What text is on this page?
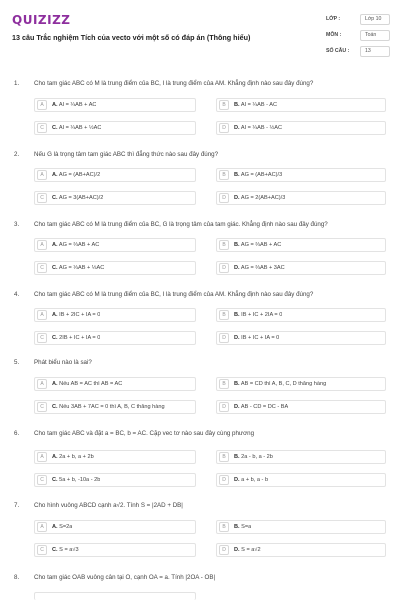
QUIZIZZ
13 câu Trắc nghiệm Tích của vecto với một số có đáp án (Thông hiểu)
LỚP :	Lớp 10
MÔN :	Toán
SỐ CÂU :	13
1. Cho tam giác ABC có M là trung điểm của BC, I là trung điểm của AM. Khẳng định nào sau đây đúng?
A	A. AI = ¼AB + AC	B	B. AI = ¼AB - AC
C	C. AI = ¼AB + ½AC	D	D. AI = ¼AB - ½AC
2. Nếu G là trọng tâm tam giác ABC thì đẳng thức nào sau đây đúng?
A	A. AG = (AB+AC)/2	B	B. AG = (AB+AC)/3
C	C. AG = 3(AB+AC)/2	D	D. AG = 2(AB+AC)/3
3. Cho tam giác ABC có M là trung điểm của BC, G là trọng tâm của tam giác. Khẳng định nào sau đây đúng?
A	A. AG = ⅔AB + AC	B	B. AG = ⅔AB + AC
C	C. AG = ⅓AB + ⅓AC	D	D. AG = ⅔AB + 3AC
4. Cho tam giác ABC có M là trung điểm của BC, I là trung điểm của AM. Khẳng định nào sau đây đúng?
A	A. IB + 2IC + IA = 0	B	B. IB + IC + 2IA = 0
C	C. 2IB + IC + IA = 0	D	D. IB + IC + IA = 0
5. Phát biểu nào là sai?
A	A. Nếu AB = AC thì AB = AC	B	B. AB = CD thì A, B, C, D thẳng hàng
C	C. Nếu 3AB + 7AC = 0 thì A, B, C thẳng hàng	D	D. AB - CD = DC - BA
6. Cho tam giác ABC và đặt a = BC, b = AC. Cặp vec tơ nào sau đây cùng phương
A	A. 2a + b, a + 2b	B	B. 2a - b, a - 2b
C	C. 5a + b, -10a - 2b	D	D. a + b, a - b
7. Cho hình vuông ABCD cạnh a√2. Tính S = |2AD + DB|
A	A. S=2a	B	B. S=a
C	C. S = a√3	D	D. S = a√2
8. Cho tam giác OAB vuông cân tại O, cạnh OA = a. Tính |2OA - OB|
